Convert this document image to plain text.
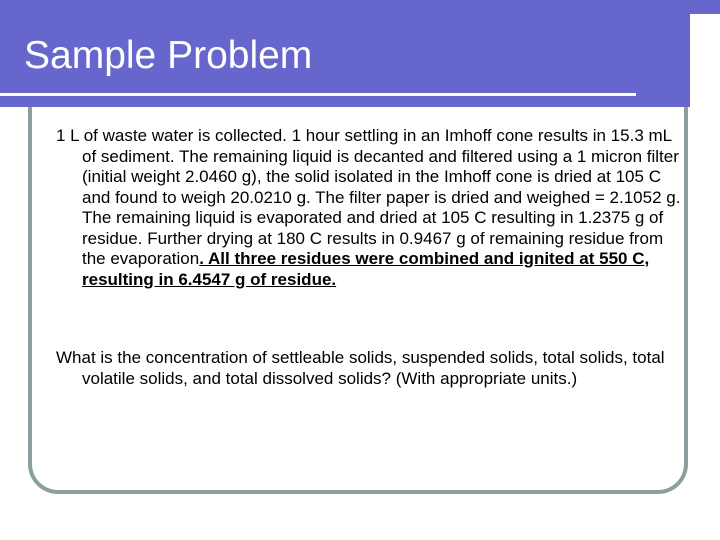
Sample Problem

1 L of waste water is collected. 1 hour settling in an Imhoff cone results in 15.3 mL of sediment. The remaining liquid is decanted and filtered using a 1 micron filter (initial weight 2.0460 g), the solid isolated in the Imhoff cone is dried at 105 C and found to weigh 20.0210 g. The filter paper is dried and weighed = 2.1052 g. The remaining liquid is evaporated and dried at 105 C resulting in 1.2375 g of residue. Further drying at 180 C results in 0.9467 g of remaining residue from the evaporation. All three residues were combined and ignited at 550 C, resulting in 6.4547 g of residue.

What is the concentration of settleable solids, suspended solids, total solids, total volatile solids, and total dissolved solids? (With appropriate units.)
